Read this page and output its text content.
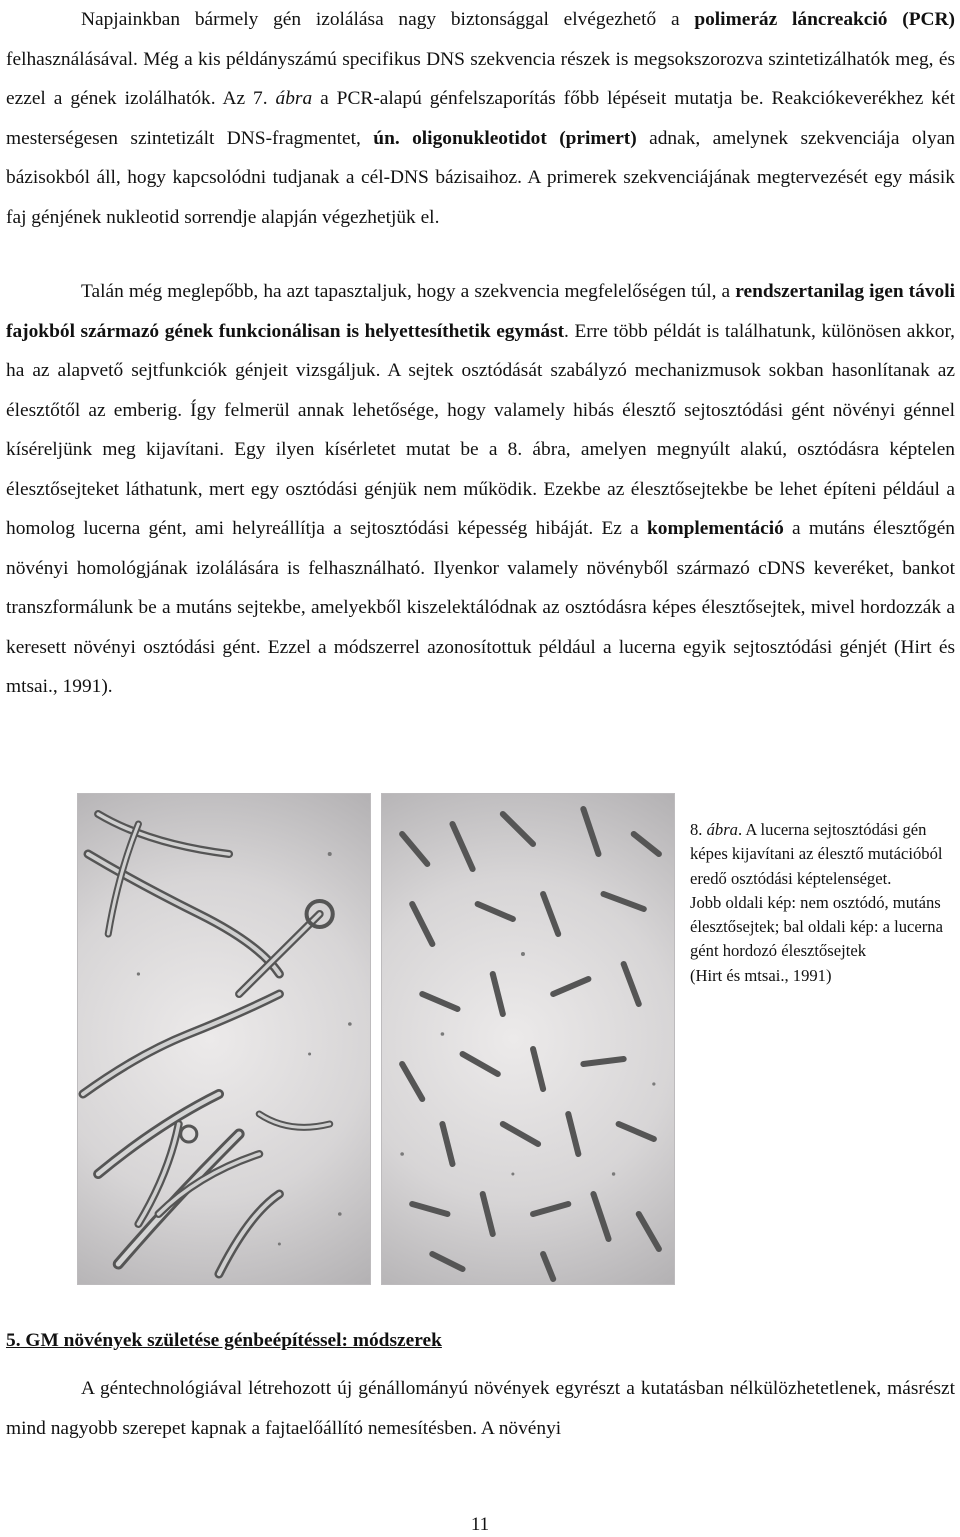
Napjainkban bármely gén izolálása nagy biztonsággal elvégezhető a polimeráz láncreakció (PCR) felhasználásával. Még a kis példányszámú specifikus DNS szekvencia részek is megsokszorozva szintetizálhatók meg, és ezzel a gének izolálhatók. Az 7. ábra a PCR-alapú génfelszaporítás főbb lépéseit mutatja be. Reakciókeverékhez két mesterségesen szintetizált DNS-fragmentet, ún. oligonukleotidot (primert) adnak, amelynek szekvenciája olyan bázisokból áll, hogy kapcsolódni tudjanak a cél-DNS bázisaihoz. A primerek szekvenciájának megtervezését egy másik faj génjének nukleotid sorrendje alapján végezhetjük el.

Talán még meglepőbb, ha azt tapasztaljuk, hogy a szekvencia megfelelőségen túl, a rendszertanilag igen távoli fajokból származó gének funkcionálisan is helyettesíthetik egymást. Erre több példát is találhatunk, különösen akkor, ha az alapvető sejtfunkciók génjeit vizsgáljuk. A sejtek osztódását szabályzó mechanizmusok sokban hasonlítanak az élesztőtől az emberig. Így felmerül annak lehetősége, hogy valamely hibás élesztő sejtosztódási gént növényi génnel kíséreljünk meg kijavítani. Egy ilyen kísérletet mutat be a 8. ábra, amelyen megnyúlt alakú, osztódásra képtelen élesztősejteket láthatunk, mert egy osztódási génjük nem működik. Ezekbe az élesztősejtekbe be lehet építeni például a homolog lucerna gént, ami helyreállítja a sejtosztódási képesség hibáját. Ez a komplementáció a mutáns élesztőgén növényi homológjának izolálására is felhasználható. Ilyenkor valamely növényből származó cDNS keveréket, bankot transzformálunk be a mutáns sejtekbe, amelyekből kiszelektálódnak az osztódásra képes élesztősejtek, mivel hordozzák a keresett növényi osztódási gént. Ezzel a módszerrel azonosítottuk például a lucerna egyik sejtosztódási génjét (Hirt és mtsai., 1991).

8. ábra. A lucerna sejtosztódási gén képes kijavítani az élesztő mutációból eredő osztódási képtelenséget.
Jobb oldali kép: nem osztódó, mutáns élesztősejtek; bal oldali kép: a lucerna gént hordozó élesztősejtek
(Hirt és mtsai., 1991)
5. GM növények születése génbeépítéssel: módszerek

A géntechnológiával létrehozott új génállományú növények egyrészt a kutatásban nélkülözhetetlenek, másrészt mind nagyobb szerepet kapnak a fajtaelőállító nemesítésben. A növényi

11
